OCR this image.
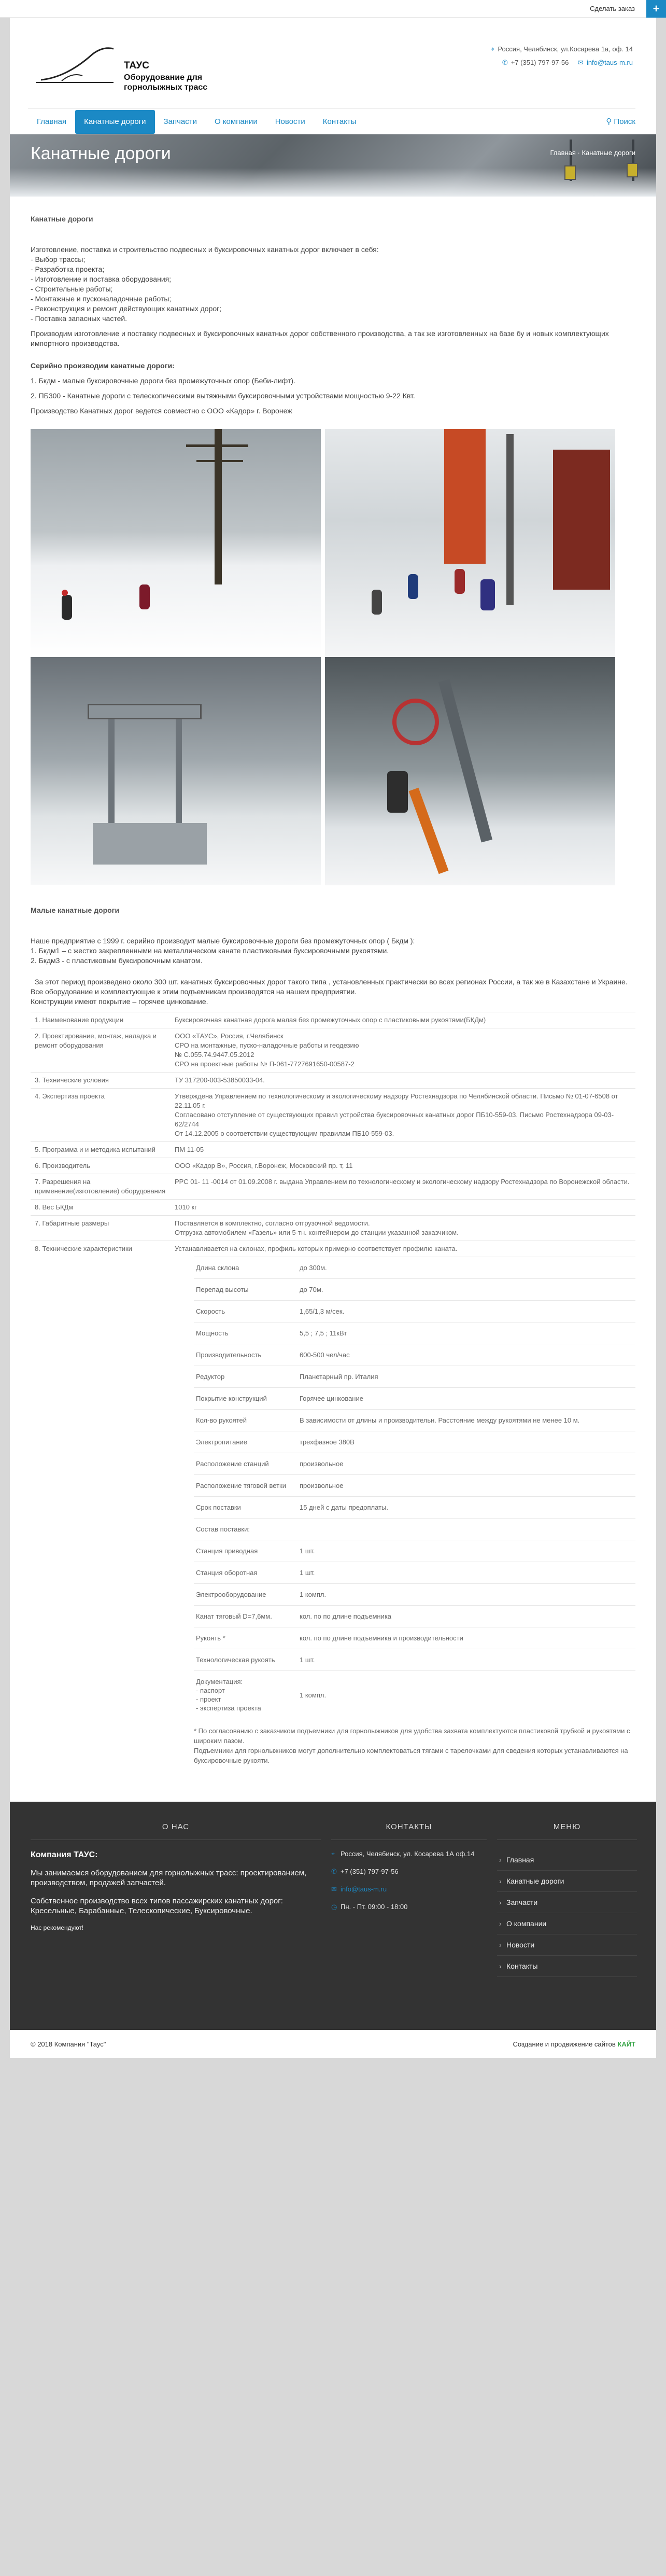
Сделать заказ	+
ТАУС
Оборудование для горнолыжных трасс
⌖ Россия, Челябинск, ул.Косарева 1а, оф. 14
✆ +7 (351) 797-97-56 ✉ info@taus-m.ru
Главная Канатные дороги Запчасти О компании Новости Контакты	⚲ Поиск
Канатные дороги	Главная · Канатные дороги
Канатные дороги
Изготовление, поставка и строительство подвесных и буксировочных канатных дорог включает в себя:
- Выбор трассы;
- Разработка проекта;
- Изготовление и поставка оборудования;
- Строительные работы;
- Монтажные и пусконаладочные работы;
- Реконструкция и ремонт действующих канатных дорог;
- Поставка запасных частей.
Производим изготовление и поставку подвесных и буксировочных канатных дорог собственного производства, а так же изготовленных на базе бу и новых комплектующих импортного производства.
Серийно производим канатные дороги:
1. Бкдм - малые буксировочные дороги без промежуточных опор (Беби-лифт).
2. ПБ300 - Канатные дороги с телескопическими вытяжными буксировочными устройствами мощностью 9-22 Квт.
Производство Канатных дорог ведется совместно с ООО «Кадор» г. Воронеж
Малые канатные дороги
Наше предприятие с 1999 г. серийно производит малые буксировочные дороги без промежуточных опор ( Бкдм ):
1. Бкдм1 – с жестко закрепленными на металлическом канате пластиковыми буксировочными рукоятями.
2. Бкдм3 - с пластиковым буксировочным канатом.
За этот период произведено около 300 шт. канатных буксировочных дорог такого типа , установленных практически во всех регионах России, а так же в Казахстане и Украине.
Все оборудование и комплектующие к этим подъемникам производятся на нашем предприятии.
Конструкции имеют покрытие – горячее цинкование.
1. Наименование продукции	Буксировочная канатная дорога малая без промежуточных опор с пластиковыми рукоятями(БКДм)
2. Проектирование, монтаж, наладка и ремонт оборудования	ООО «ТАУС», Россия, г.Челябинск
СРО на монтажные, пуско-наладочные работы и геодезию
№ С.055.74.9447.05.2012
СРО на проектные работы № П-061-7727691650-00587-2
3. Технические условия	ТУ 317200-003-53850033-04.
4. Экспертиза проекта	Утверждена Управлением по технологическому и экологическому надзору Ростехнадзора по Челябинской области. Письмо № 01-07-6508 от 22.11.05 г.
Согласовано отступление от существующих правил устройства буксировочных канатных дорог ПБ10-559-03. Письмо Ростехнадзора 09-03-62/2744
От 14.12.2005 о соответствии существующим правилам ПБ10-559-03.
5. Программа и и методика испытаний	ПМ 11-05
6. Производитель	ООО «Кадор В», Россия, г.Воронеж, Московский пр. т, 11
7. Разрешения на применение(изготовление) оборудования	РРС 01- 11 -0014 от 01.09.2008 г. выдана Управлением по технологическому и экологическому надзору Ростехнадзора по Воронежской области.
8. Вес БКДм	1010 кг
7. Габаритные размеры	Поставляется в комплектно, согласно отгрузочной ведомости.
Отгрузка автомобилем «Газель» или 5-тн. контейнером до станции указанной заказчиком.
8. Технические характеристики	Устанавливается на склонах, профиль которых примерно соответствует профилю каната.
Длина склона	до 300м.
Перепад высоты	до 70м.
Скорость	1,65/1,3 м/сек.
Мощность	5,5 ; 7,5 ; 11кВт
Производительность	600-500 чел/час
Редуктор	Планетарный пр. Италия
Покрытие конструкций	Горячее цинкование
Кол-во рукоятей	В зависимости от длины и производительн. Расстояние между рукоятями не менее 10 м.
Электропитание	трехфазное 380В
Расположение станций	произвольное
Расположение тяговой ветки	произвольное
Срок поставки	15 дней с даты предоплаты.
Состав поставки:	
Станция приводная	1 шт.
Станция оборотная	1 шт.
Электрооборудование	1 компл.
Канат тяговый D=7,6мм.	кол. по по длине подъемника
Рукоять *	кол. по по длине подъемника и производительности
Технологическая рукоять	1 шт.
Документация:
- паспорт
- проект
- экспертиза проекта	1 компл.
* По согласованию с заказчиком подъемники для горнолыжников для удобства захвата комплектуются пластиковой трубкой и рукоятями с широким пазом.
Подъемники для горнолыжников могут дополнительно комплектоваться тягами с тарелочками для сведения которых устанавливаются на буксировочные рукояти.
О НАС
Компания ТАУС:
Мы занимаемся оборудованием для горнолыжных трасс: проектированием, производством, продажей запчастей.
Собственное производство всех типов пассажирских канатных дорог: Кресельные, Барабанные, Телескопические, Буксировочные.
Нас рекомендуют!
КОНТАКТЫ
⌖ Россия, Челябинск, ул. Косарева 1А оф.14
✆ +7 (351) 797-97-56
✉ info@taus-m.ru
◷ Пн. - Пт. 09:00 - 18:00
МЕНЮ
› Главная
› Канатные дороги
› Запчасти
› О компании
› Новости
› Контакты
© 2018 Компания "Таус"	Создание и продвижение сайтов КАЙТ
